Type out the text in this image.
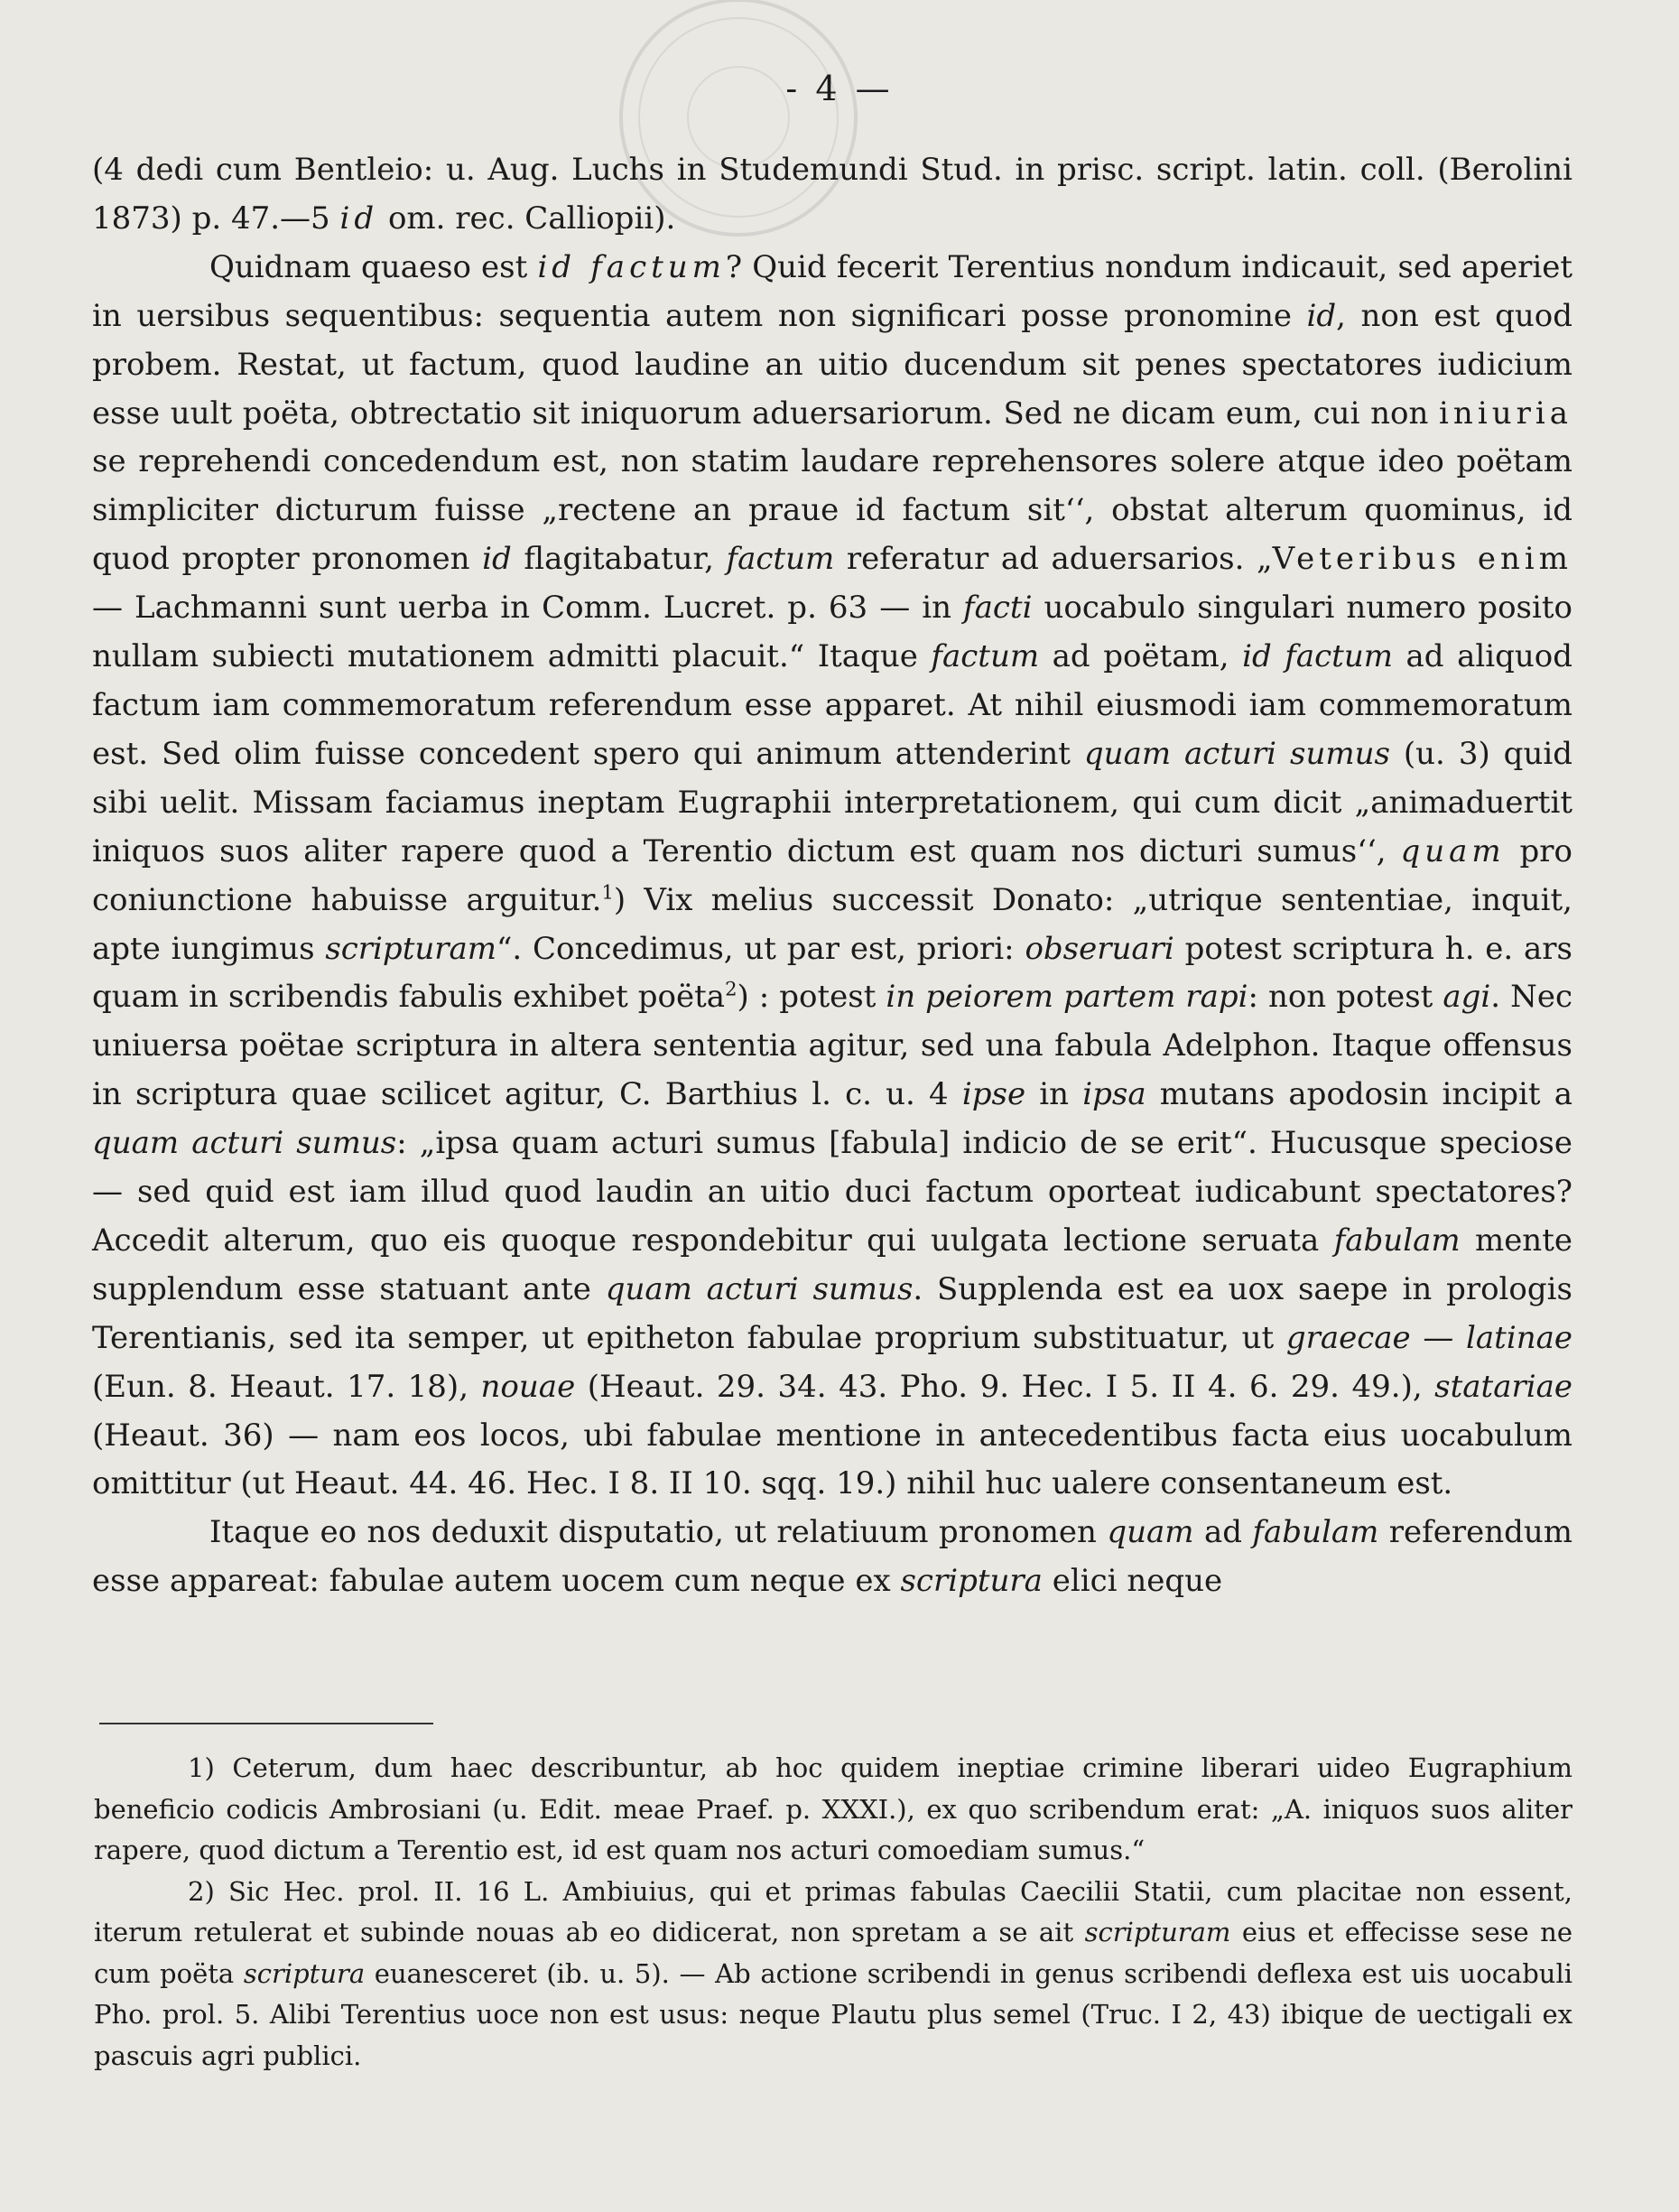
- 4 —

(4 dedi cum Bentleio: u. Aug. Luchs in Studemundi Stud. in prisc. script. latin. coll. (Berolini 1873) p. 47.—5 id om. rec. Calliopii).

Quidnam quaeso est id factum? Quid fecerit Terentius nondum indicauit, sed aperiet in uersibus sequentibus: sequentia autem non significari posse pronomine id, non est quod probem. Restat, ut factum, quod laudine an uitio ducendum sit penes spectatores iudicium esse uult poëta, obtrectatio sit iniquorum aduersariorum. Sed ne dicam eum, cui non iniuria se reprehendi concedendum est, non statim laudare reprehensores solere atque ideo poëtam simpliciter dicturum fuisse „rectene an praue id factum sit‘‘, obstat alterum quominus, id quod propter pronomen id flagitabatur, factum referatur ad aduersarios. „Veteribus enim — Lachmanni sunt uerba in Comm. Lucret. p. 63 — in facti uocabulo singulari numero posito nullam subiecti mutationem admitti placuit.“ Itaque factum ad poëtam, id factum ad aliquod factum iam commemoratum referendum esse apparet. At nihil eiusmodi iam commemoratum est. Sed olim fuisse concedent spero qui animum attenderint quam acturi sumus (u. 3) quid sibi uelit. Missam faciamus ineptam Eugraphii interpretationem, qui cum dicit „animaduertit iniquos suos aliter rapere quod a Terentio dictum est quam nos dicturi sumus‘‘, quam pro coniunctione habuisse arguitur.$^1$) Vix melius successit Donato: „utrique sententiae, inquit, apte iungimus scripturam“. Concedimus, ut par est, priori: obseruari potest scriptura h. e. ars quam in scribendis fabulis exhibet poëta$^2$) : potest in peiorem partem rapi: non potest agi. Nec uniuersa poëtae scriptura in altera sententia agitur, sed una fabula Adelphon. Itaque offensus in scriptura quae scilicet agitur, C. Barthius l. c. u. 4 ipse in ipsa mutans apodosin incipit a quam acturi sumus: „ipsa quam acturi sumus [fabula] indicio de se erit“. Hucusque speciose — sed quid est iam illud quod laudin an uitio duci factum oporteat iudicabunt spectatores? Accedit alterum, quo eis quoque respondebitur qui uulgata lectione seruata fabulam mente supplendum esse statuant ante quam acturi sumus. Supplenda est ea uox saepe in prologis Terentianis, sed ita semper, ut epitheton fabulae proprium substituatur, ut graecae — latinae (Eun. 8. Heaut. 17. 18), nouae (Heaut. 29. 34. 43. Pho. 9. Hec. I 5. II 4. 6. 29. 49.), statariae (Heaut. 36) — nam eos locos, ubi fabulae mentione in antecedentibus facta eius uocabulum omittitur (ut Heaut. 44. 46. Hec. I 8. II 10. sqq. 19.) nihil huc ualere consentaneum est.

Itaque eo nos deduxit disputatio, ut relatiuum pronomen quam ad fabulam referendum esse appareat: fabulae autem uocem cum neque ex scriptura elici neque

1) Ceterum, dum haec describuntur, ab hoc quidem ineptiae crimine liberari uideo Eugraphium beneficio codicis Ambrosiani (u. Edit. meae Praef. p. XXXI.), ex quo scribendum erat: „A. iniquos suos aliter rapere, quod dictum a Terentio est, id est quam nos acturi comoediam sumus.“

2) Sic Hec. prol. II. 16 L. Ambiuius, qui et primas fabulas Caecilii Statii, cum placitae non essent, iterum retulerat et subinde nouas ab eo didicerat, non spretam a se ait scripturam eius et effecisse sese ne cum poëta scriptura euanesceret (ib. u. 5). — Ab actione scribendi in genus scribendi deflexa est uis uocabuli Pho. prol. 5. Alibi Terentius uoce non est usus: neque Plautu plus semel (Truc. I 2, 43) ibique de uectigali ex pascuis agri publici.
